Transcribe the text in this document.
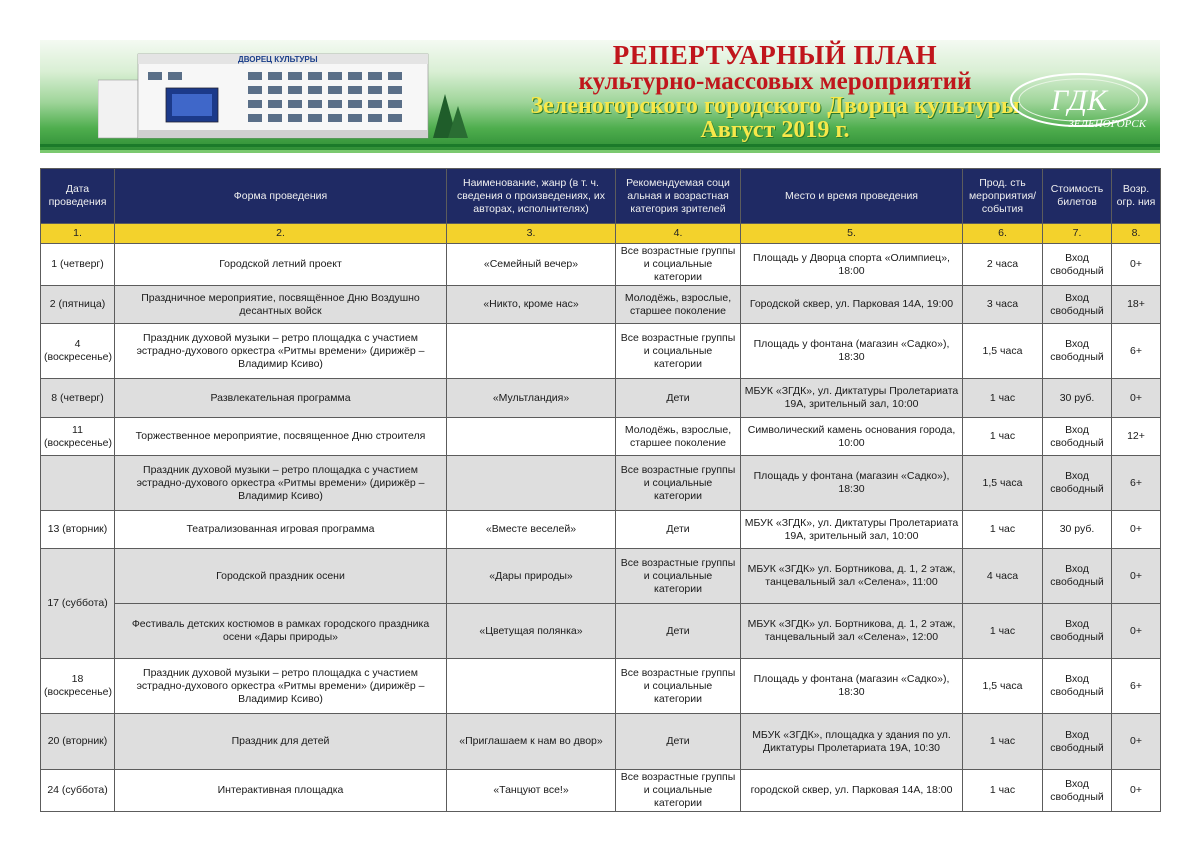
ДВОРЕЦ КУЛЬТУРЫ	РЕПЕРТУАРНЫЙ ПЛАН
культурно-массовых мероприятий
Зеленогорского городского Дворца культуры
Август 2019 г.
ГДК
ЗЕЛЕНОГОРСК
Дата проведения	Форма проведения	Наименование, жанр (в т. ч. сведения о произведениях, их авторах, исполнителях)	Рекомендуемая соци альная и возрастная категория зрителей	Место и время проведения	Прод. сть мероприятия/ события	Стоимость билетов	Возр. огр. ния
1.	2.	3.	4.	5.	6.	7.	8.
1 (четверг)	Городской летний проект	«Семейный вечер»	Все возрастные группы и социальные категории	Площадь у Дворца спорта «Олимпиец», 18:00	2 часа	Вход свободный	0+
2 (пятница)	Праздничное мероприятие, посвящённое Дню Воздушно десантных войск	«Никто, кроме нас»	Молодёжь, взрослые, старшее поколение	Городской сквер, ул. Парковая 14А, 19:00	3 часа	Вход свободный	18+
4 (воскресенье)	Праздник духовой музыки – ретро площадка с участием эстрадно-духового оркестра «Ритмы времени» (дирижёр –Владимир Ксиво)		Все возрастные группы и социальные категории	Площадь у фонтана (магазин «Садко»), 18:30	1,5 часа	Вход свободный	6+
8 (четверг)	Развлекательная программа	«Мультландия»	Дети	МБУК «ЗГДК», ул. Диктатуры Пролетариата 19А, зрительный зал, 10:00	1 час	30 руб.	0+
11 (воскресенье)	Торжественное мероприятие, посвященное Дню строителя		Молодёжь, взрослые, старшее поколение	Символический камень основания города, 10:00	1 час	Вход свободный	12+
	Праздник духовой музыки – ретро площадка с участием эстрадно-духового оркестра «Ритмы времени» (дирижёр –Владимир Ксиво)		Все возрастные группы и социальные категории	Площадь у фонтана (магазин «Садко»), 18:30	1,5 часа	Вход свободный	6+
13 (вторник)	Театрализованная игровая программа	«Вместе веселей»	Дети	МБУК «ЗГДК», ул. Диктатуры Пролетариата 19А, зрительный зал, 10:00	1 час	30 руб.	0+
17 (суббота)	Городской праздник осени	«Дары природы»	Все возрастные группы и социальные категории	МБУК «ЗГДК» ул. Бортникова, д. 1, 2 этаж, танцевальный зал «Селена», 11:00	4 часа	Вход свободный	0+
	Фестиваль детских костюмов в рамках городского праздника осени «Дары природы»	«Цветущая полянка»	Дети	МБУК «ЗГДК» ул. Бортникова, д. 1, 2 этаж, танцевальный зал «Селена», 12:00	1 час	Вход свободный	0+
18 (воскресенье)	Праздник духовой музыки – ретро площадка с участием эстрадно-духового оркестра «Ритмы времени» (дирижёр –Владимир Ксиво)		Все возрастные группы и социальные категории	Площадь у фонтана (магазин «Садко»), 18:30	1,5 часа	Вход свободный	6+
20 (вторник)	Праздник для детей	«Приглашаем к нам во двор»	Дети	МБУК «ЗГДК», площадка у здания по ул. Диктатуры Пролетариата 19А, 10:30	1 час	Вход свободный	0+
24 (суббота)	Интерактивная площадка	«Танцуют все!»	Все возрастные группы и социальные категории	городской сквер, ул. Парковая 14А, 18:00	1 час	Вход свободный	0+
